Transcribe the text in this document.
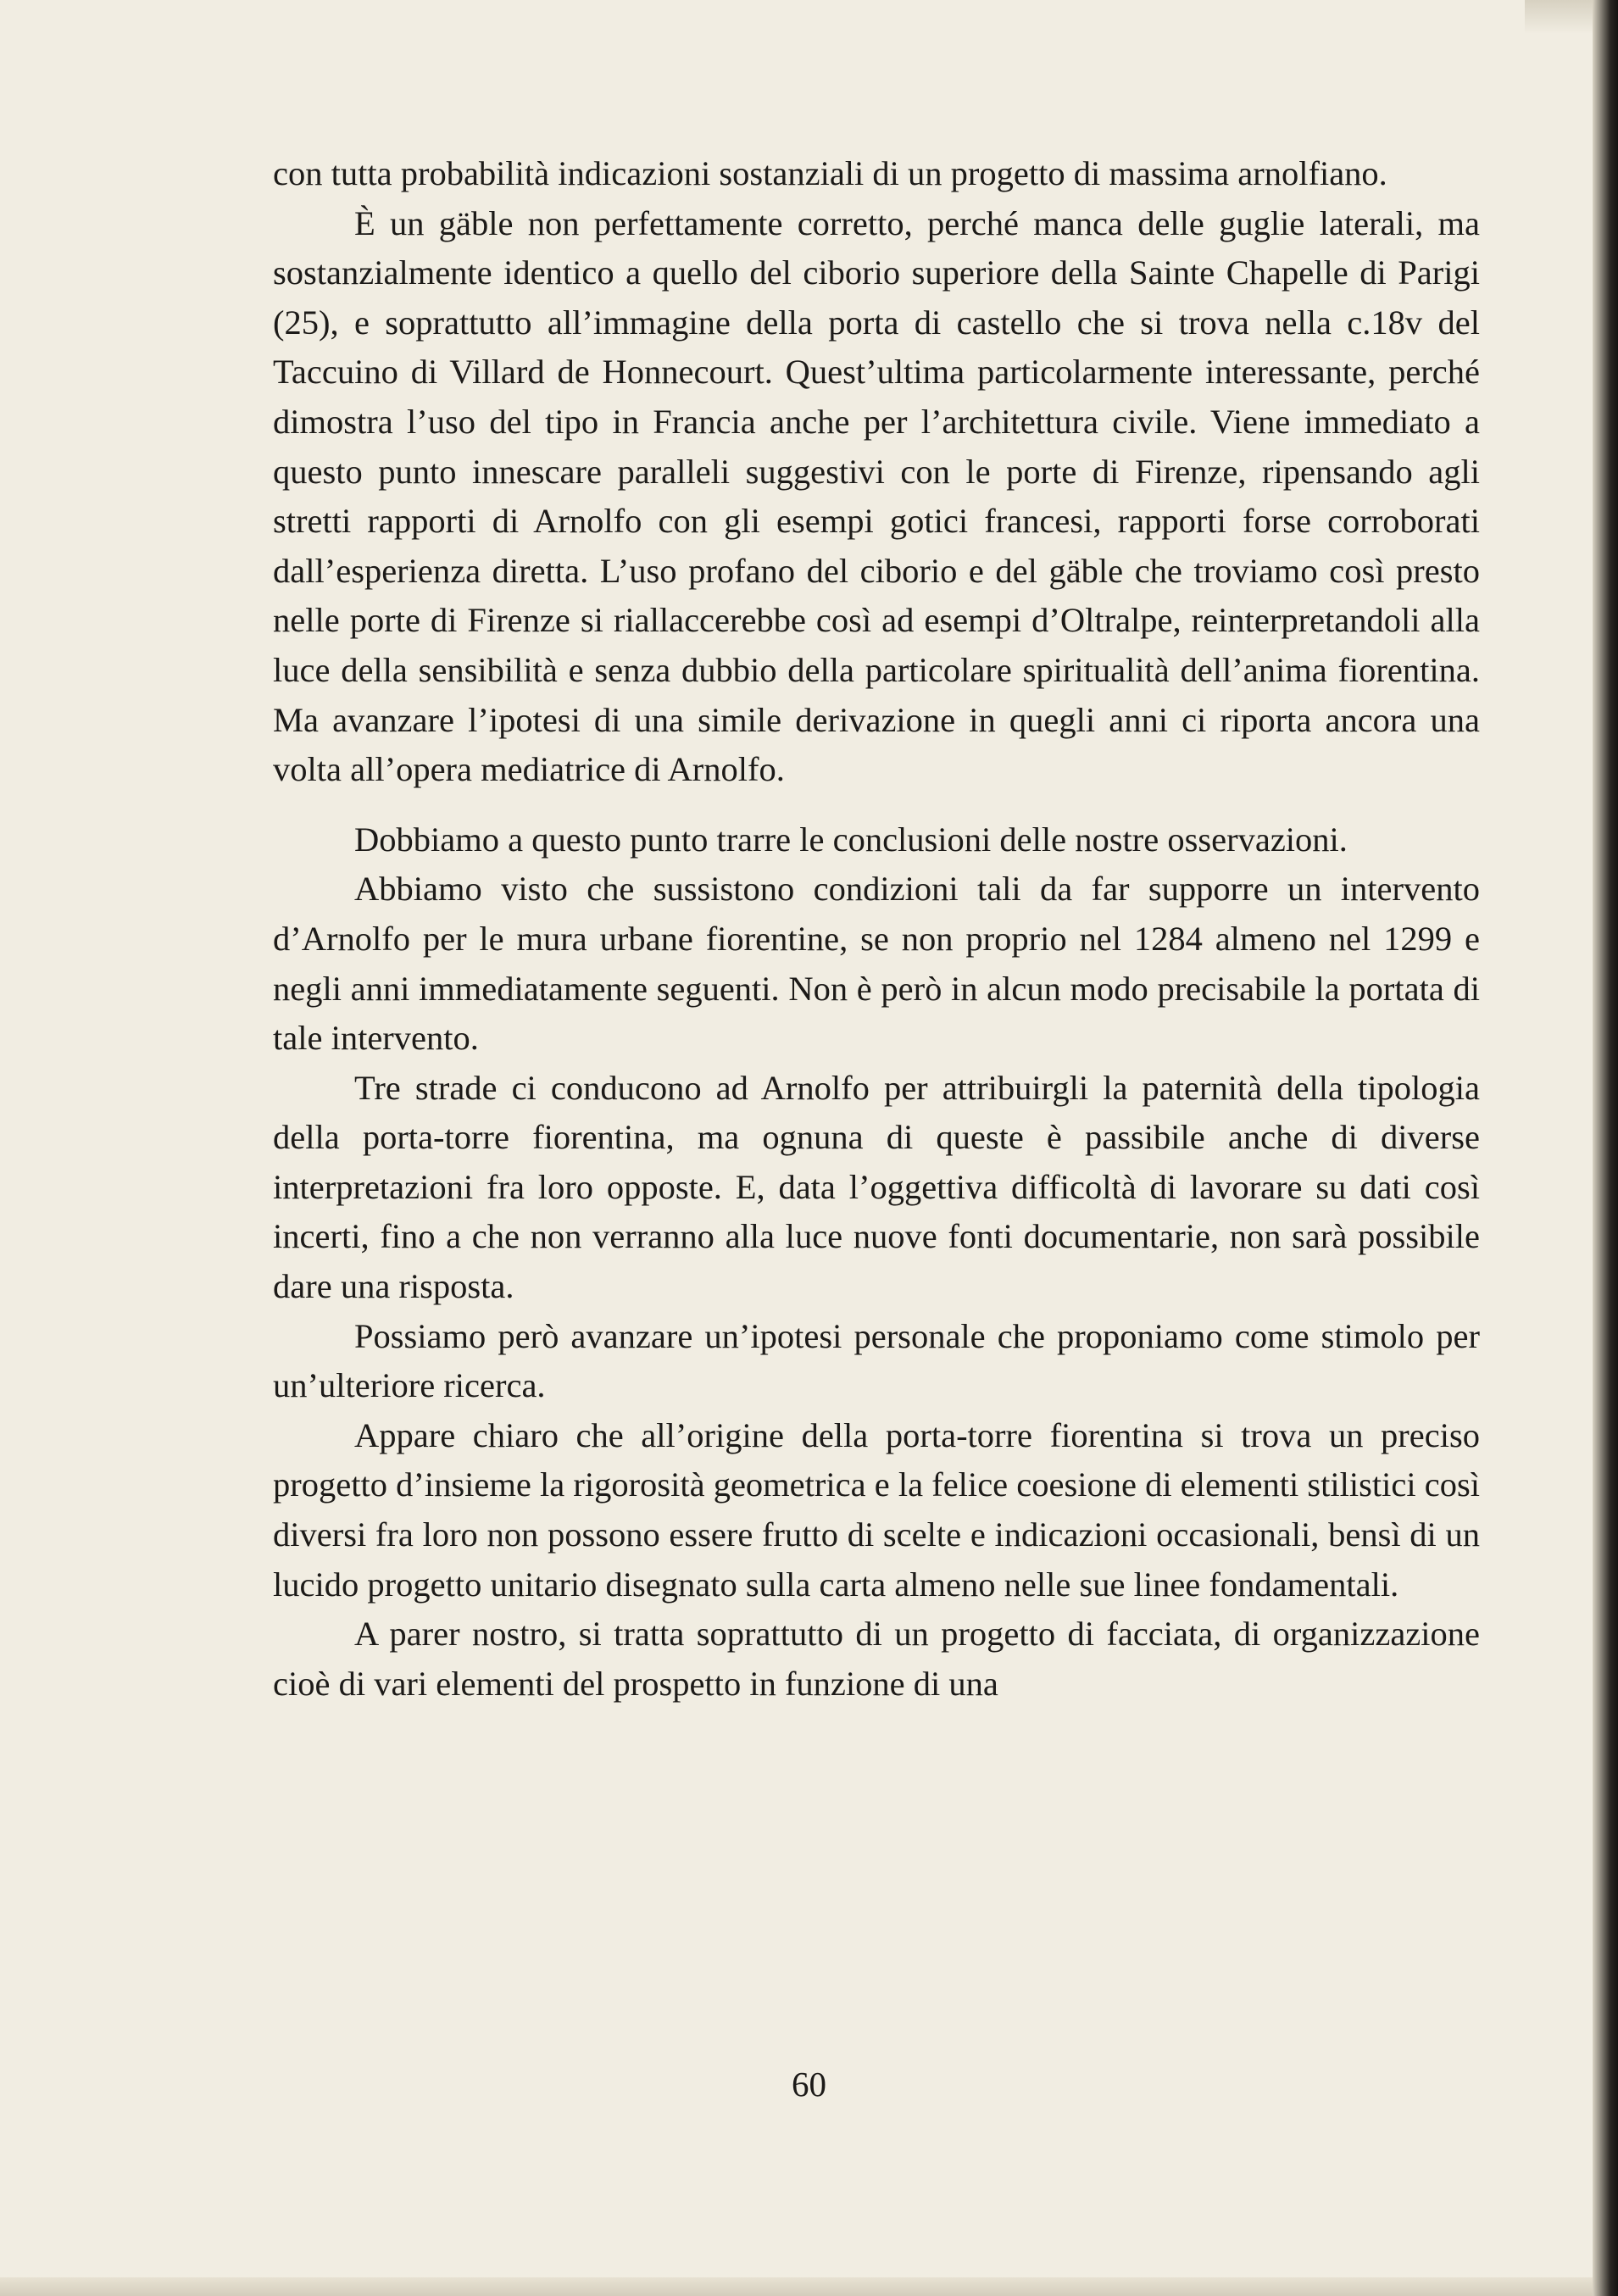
con tutta probabilità indicazioni sostanziali di un progetto di massima arnolfiano.

È un gäble non perfettamente corretto, perché manca delle guglie laterali, ma sostanzialmente identico a quello del ciborio superiore della Sainte Chapelle di Parigi (25), e soprattutto all’immagine della porta di castello che si trova nella c.18v del Taccuino di Villard de Honnecourt. Quest’ultima particolarmente interessante, perché dimostra l’uso del tipo in Francia anche per l’architettura civile. Viene immediato a questo punto innescare paralleli suggestivi con le porte di Firenze, ripensando agli stretti rapporti di Arnolfo con gli esempi gotici francesi, rapporti forse corroborati dall’esperienza diretta. L’uso profano del ciborio e del gäble che troviamo così presto nelle porte di Firenze si riallaccerebbe così ad esempi d’Oltralpe, reinterpretandoli alla luce della sensibilità e senza dubbio della particolare spiritualità dell’anima fiorentina. Ma avanzare l’ipotesi di una simile derivazione in quegli anni ci riporta ancora una volta all’opera mediatrice di Arnolfo.

Dobbiamo a questo punto trarre le conclusioni delle nostre osservazioni.

Abbiamo visto che sussistono condizioni tali da far supporre un intervento d’Arnolfo per le mura urbane fiorentine, se non proprio nel 1284 almeno nel 1299 e negli anni immediatamente seguenti. Non è però in alcun modo precisabile la portata di tale intervento.

Tre strade ci conducono ad Arnolfo per attribuirgli la paternità della tipologia della porta-torre fiorentina, ma ognuna di queste è passibile anche di diverse interpretazioni fra loro opposte. E, data l’oggettiva difficoltà di lavorare su dati così incerti, fino a che non verranno alla luce nuove fonti documentarie, non sarà possibile dare una risposta.

Possiamo però avanzare un’ipotesi personale che proponiamo come stimolo per un’ulteriore ricerca.

Appare chiaro che all’origine della porta-torre fiorentina si trova un preciso progetto d’insieme la rigorosità geometrica e la felice coesione di elementi stilistici così diversi fra loro non possono essere frutto di scelte e indicazioni occasionali, bensì di un lucido progetto unitario disegnato sulla carta almeno nelle sue linee fondamentali.

A parer nostro, si tratta soprattutto di un progetto di facciata, di organizzazione cioè di vari elementi del prospetto in funzione di una

60
